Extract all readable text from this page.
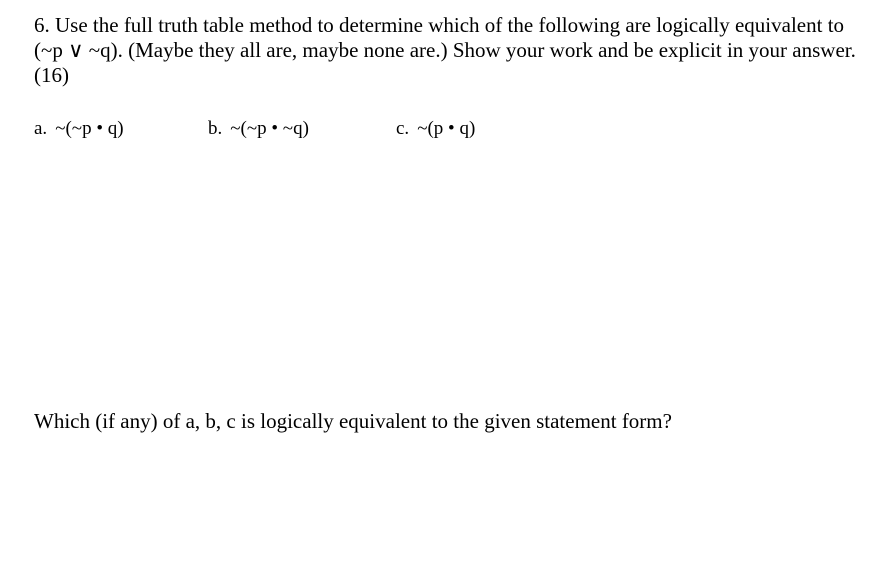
6. Use the full truth table method to determine which of the following are logically equivalent to (~p ∨ ~q). (Maybe they all are, maybe none are.) Show your work and be explicit in your answer. (16)

a. ~(~p • q)	b. ~(~p • ~q)	c. ~(p • q)
Which (if any) of a, b, c is logically equivalent to the given statement form?
